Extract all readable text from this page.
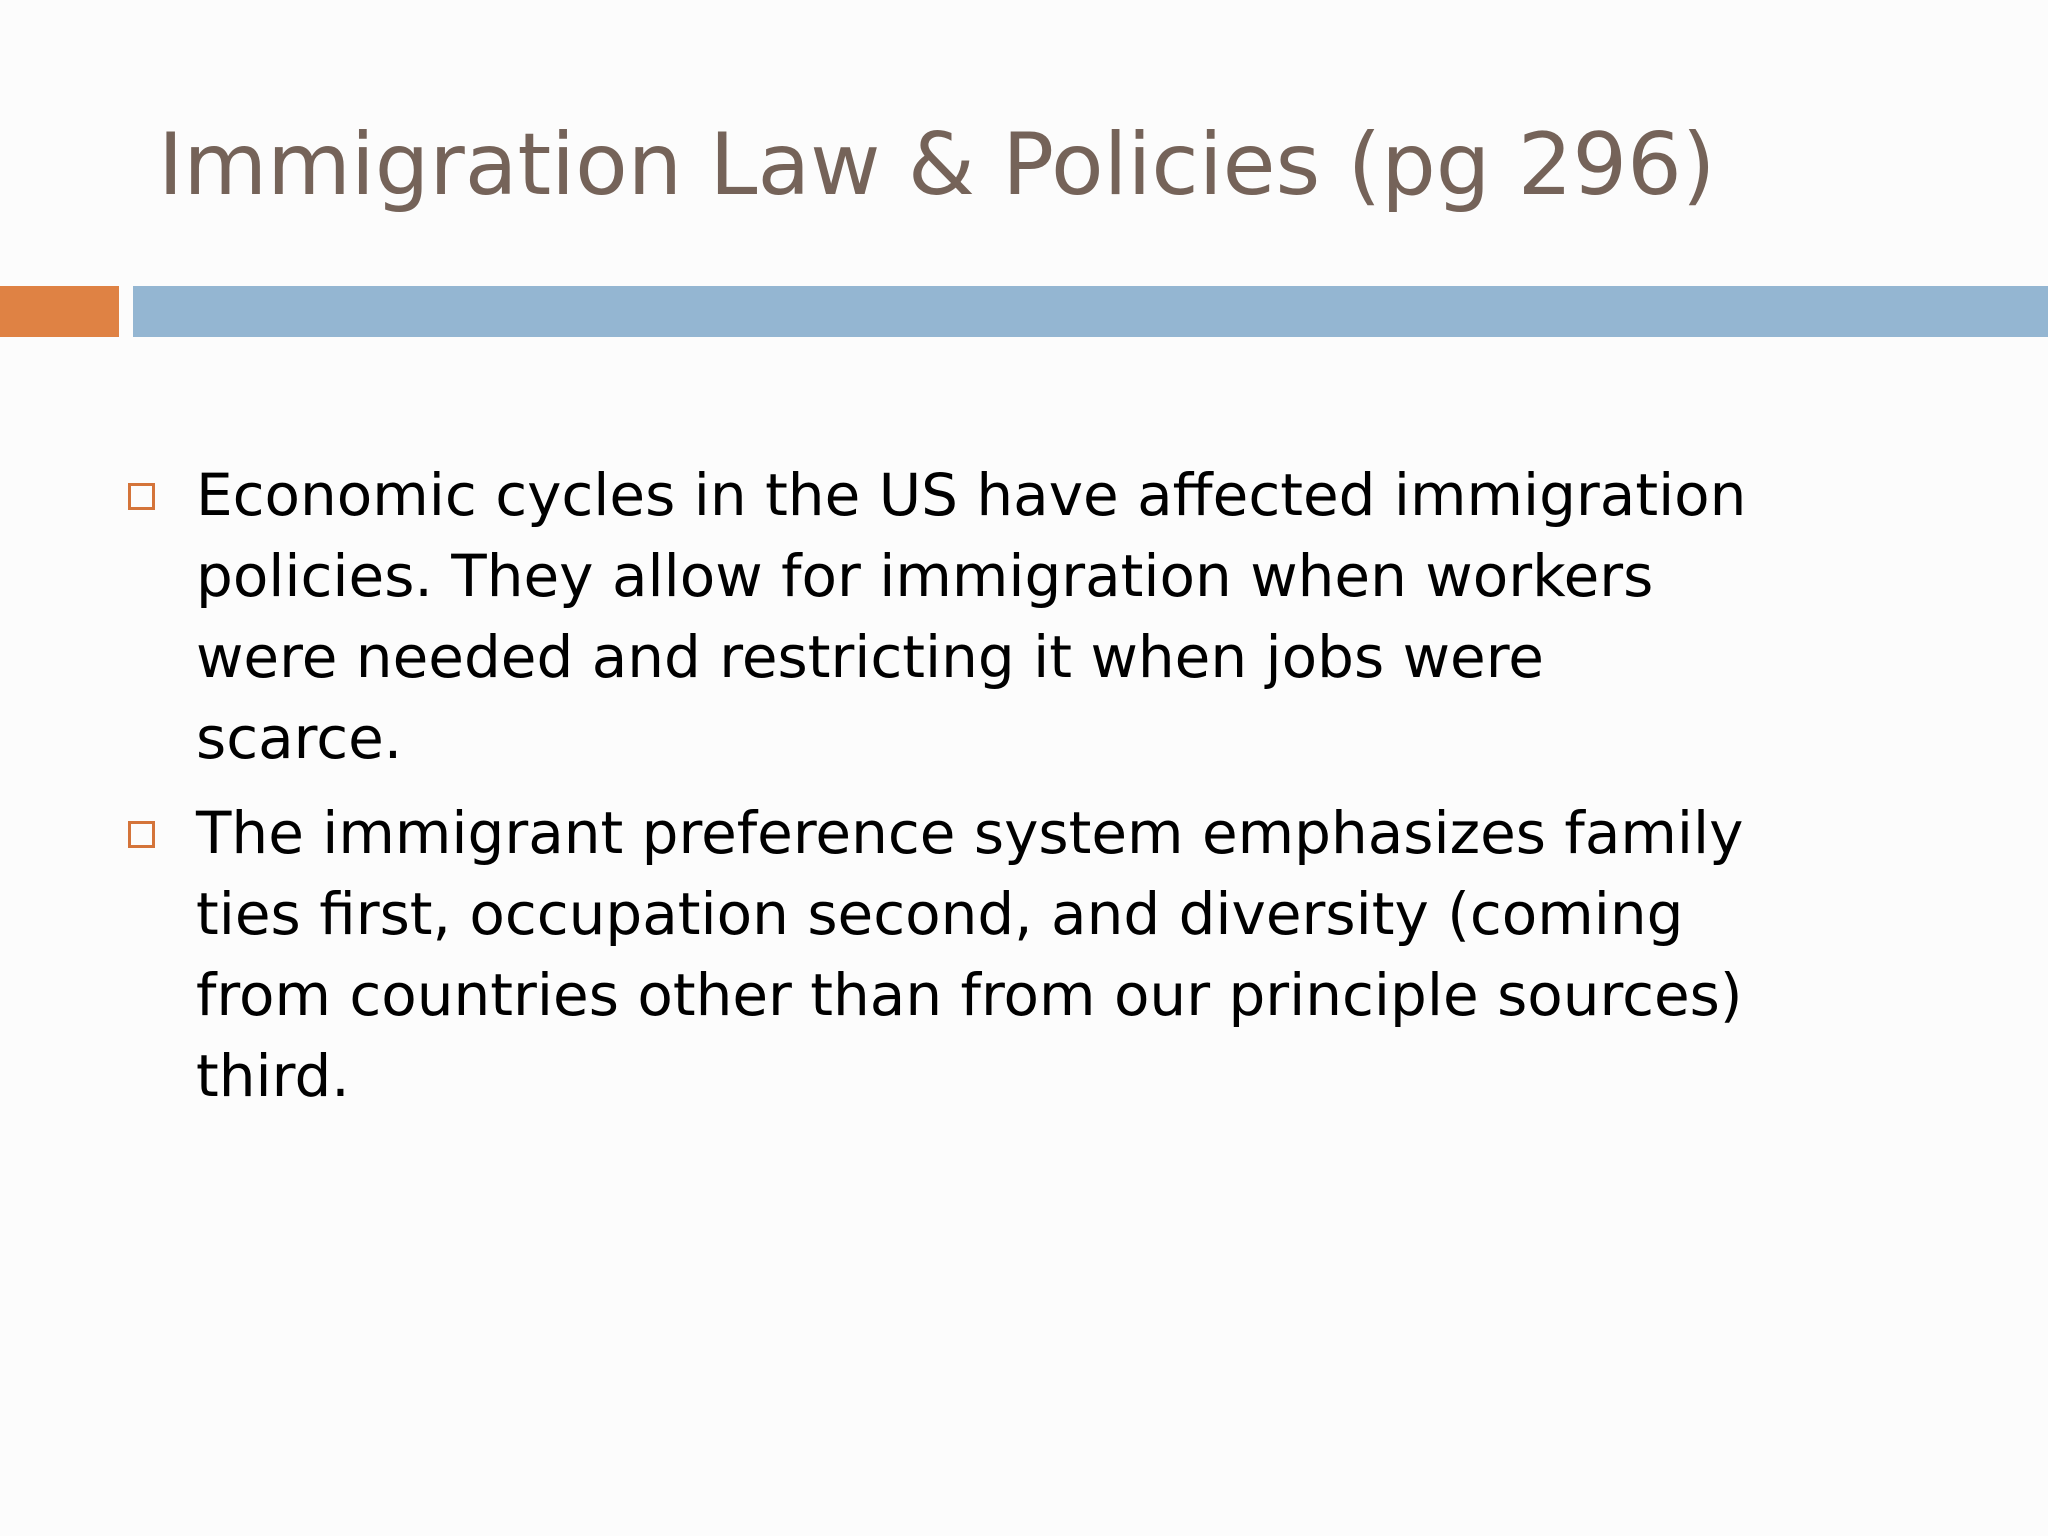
Immigration Law & Policies (pg 296)
Economic cycles in the US have affected immigration
policies. They allow for immigration when workers
were needed and restricting it when jobs were
scarce.
The immigrant preference system emphasizes family
ties first, occupation second, and diversity (coming
from countries other than from our principle sources)
third.
